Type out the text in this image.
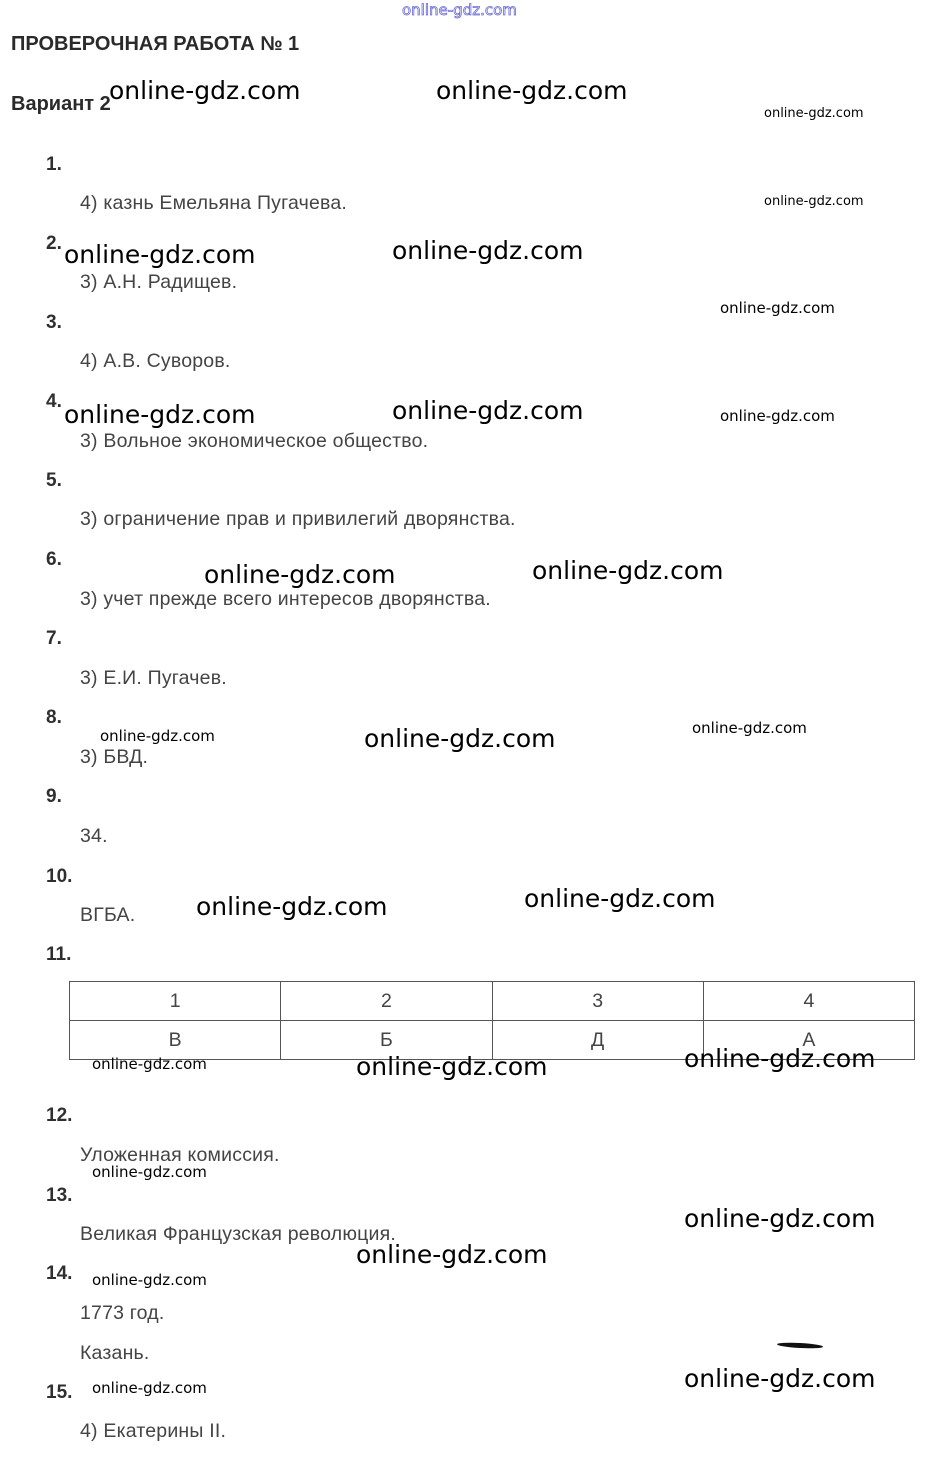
online-gdz.com
ПРОВЕРОЧНАЯ РАБОТА № 1
Вариант 2
1.
2.
3.
4.
5.
6.
7.
8.
9.
10.
11.
12.
13.
14.
15.
4) казнь Емельяна Пугачева.
3) А.Н. Радищев.
4) А.В. Суворов.
3) Вольное экономическое общество.
3) ограничение прав и привилегий дворянства.
3) учет прежде всего интересов дворянства.
3) Е.И. Пугачев.
3) БВД.
34.
ВГБА.
Уложенная комиссия.
Великая Французская революция.
1773 год.
Казань.
4) Екатерины II.
1	2	3	4
В	Б	Д	А
online-gdz.com	online-gdz.com
online-gdz.com
online-gdz.com
online-gdz.com	online-gdz.com
online-gdz.com
online-gdz.com	online-gdz.com	online-gdz.com
online-gdz.com	online-gdz.com
online-gdz.com	online-gdz.com	online-gdz.com
online-gdz.com	online-gdz.com
online-gdz.com	online-gdz.com	online-gdz.com
online-gdz.com
online-gdz.com
online-gdz.com
online-gdz.com
online-gdz.com	online-gdz.com
